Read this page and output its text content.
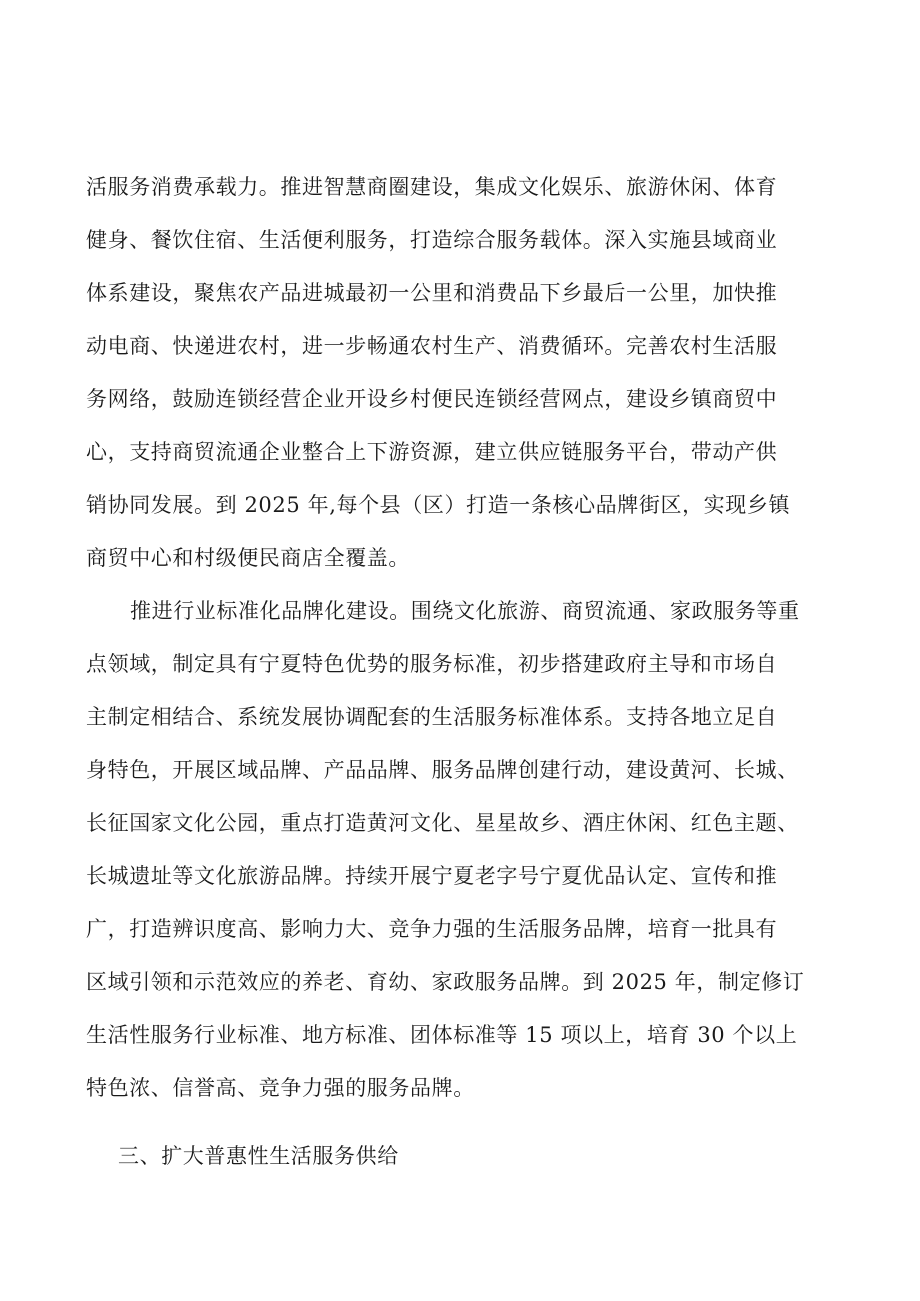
活服务消费承载力。推进智慧商圈建设，集成文化娱乐、旅游休闲、体育
健身、餐饮住宿、生活便利服务，打造综合服务载体。深入实施县域商业
体系建设，聚焦农产品进城最初一公里和消费品下乡最后一公里，加快推
动电商、快递进农村，进一步畅通农村生产、消费循环。完善农村生活服
务网络，鼓励连锁经营企业开设乡村便民连锁经营网点，建设乡镇商贸中
心，支持商贸流通企业整合上下游资源，建立供应链服务平台，带动产供
销协同发展。到 2025 年,每个县（区）打造一条核心品牌街区，实现乡镇
商贸中心和村级便民商店全覆盖。
推进行业标准化品牌化建设。围绕文化旅游、商贸流通、家政服务等重
点领域，制定具有宁夏特色优势的服务标准，初步搭建政府主导和市场自
主制定相结合、系统发展协调配套的生活服务标准体系。支持各地立足自
身特色，开展区域品牌、产品品牌、服务品牌创建行动，建设黄河、长城、
长征国家文化公园，重点打造黄河文化、星星故乡、酒庄休闲、红色主题、
长城遗址等文化旅游品牌。持续开展宁夏老字号宁夏优品认定、宣传和推
广，打造辨识度高、影响力大、竞争力强的生活服务品牌，培育一批具有
区域引领和示范效应的养老、育幼、家政服务品牌。到 2025 年，制定修订
生活性服务行业标准、地方标准、团体标准等 15 项以上，培育 30 个以上
特色浓、信誉高、竞争力强的服务品牌。
三、扩大普惠性生活服务供给
